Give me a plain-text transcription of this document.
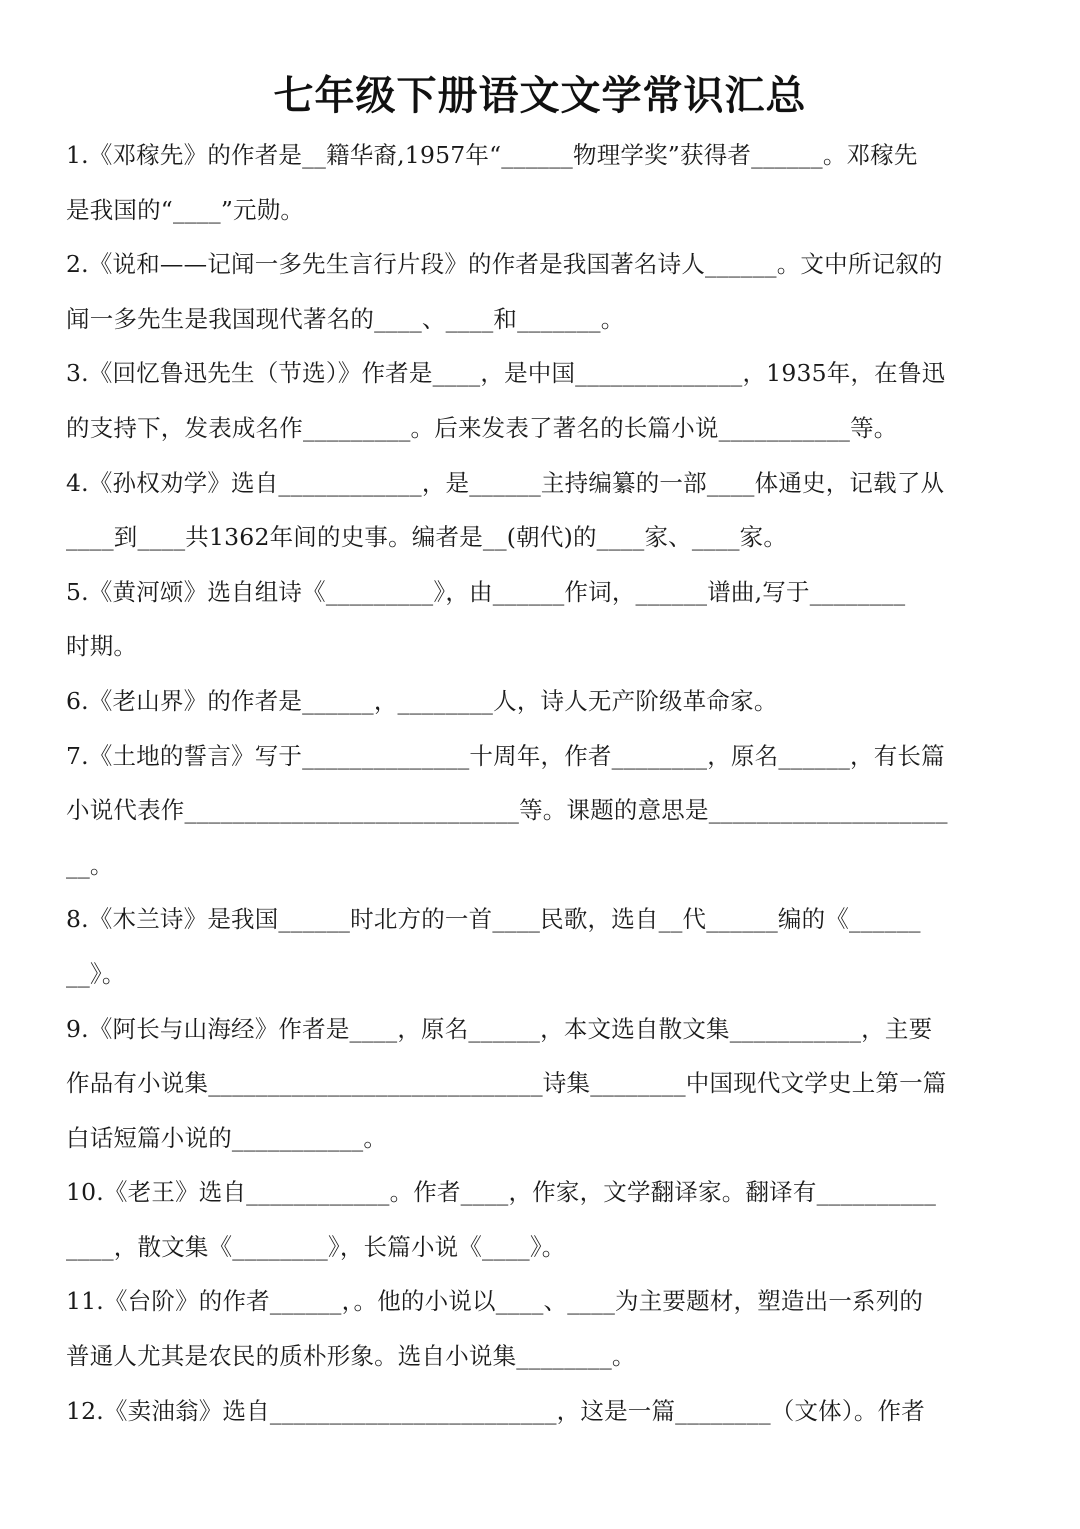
七年级下册语文文学常识汇总
1.《邓稼先》的作者是__籍华裔,1957年“______物理学奖”获得者______。邓稼先
是我国的“____”元勋。
2.《说和——记闻一多先生言行片段》的作者是我国著名诗人______。文中所记叙的
闻一多先生是我国现代著名的____、____和_______。
3.《回忆鲁迅先生（节选）》作者是____，是中国______________，1935年，在鲁迅
的支持下，发表成名作_________。后来发表了著名的长篇小说___________等。
4.《孙权劝学》选自____________，是______主持编纂的一部____体通史，记载了从
____到____共1362年间的史事。编者是__(朝代)的____家、____家。
5.《黄河颂》选自组诗《_________》，由______作词，______谱曲,写于________
时期。
6.《老山界》的作者是______，________人，诗人无产阶级革命家。
7.《土地的誓言》写于______________十周年，作者________，原名______，有长篇
小说代表作____________________________等。课题的意思是____________________
__。
8.《木兰诗》是我国______时北方的一首____民歌，选自__代______编的《______
__》。
9.《阿长与山海经》作者是____，原名______，本文选自散文集___________，主要
作品有小说集____________________________诗集________中国现代文学史上第一篇
白话短篇小说的___________。
10.《老王》选自____________。作者____，作家，文学翻译家。翻译有__________
____，散文集《________》，长篇小说《____》。
11.《台阶》的作者______，。他的小说以____、____为主要题材，塑造出一系列的
普通人尤其是农民的质朴形象。选自小说集________。
12.《卖油翁》选自________________________，这是一篇________（文体）。作者
